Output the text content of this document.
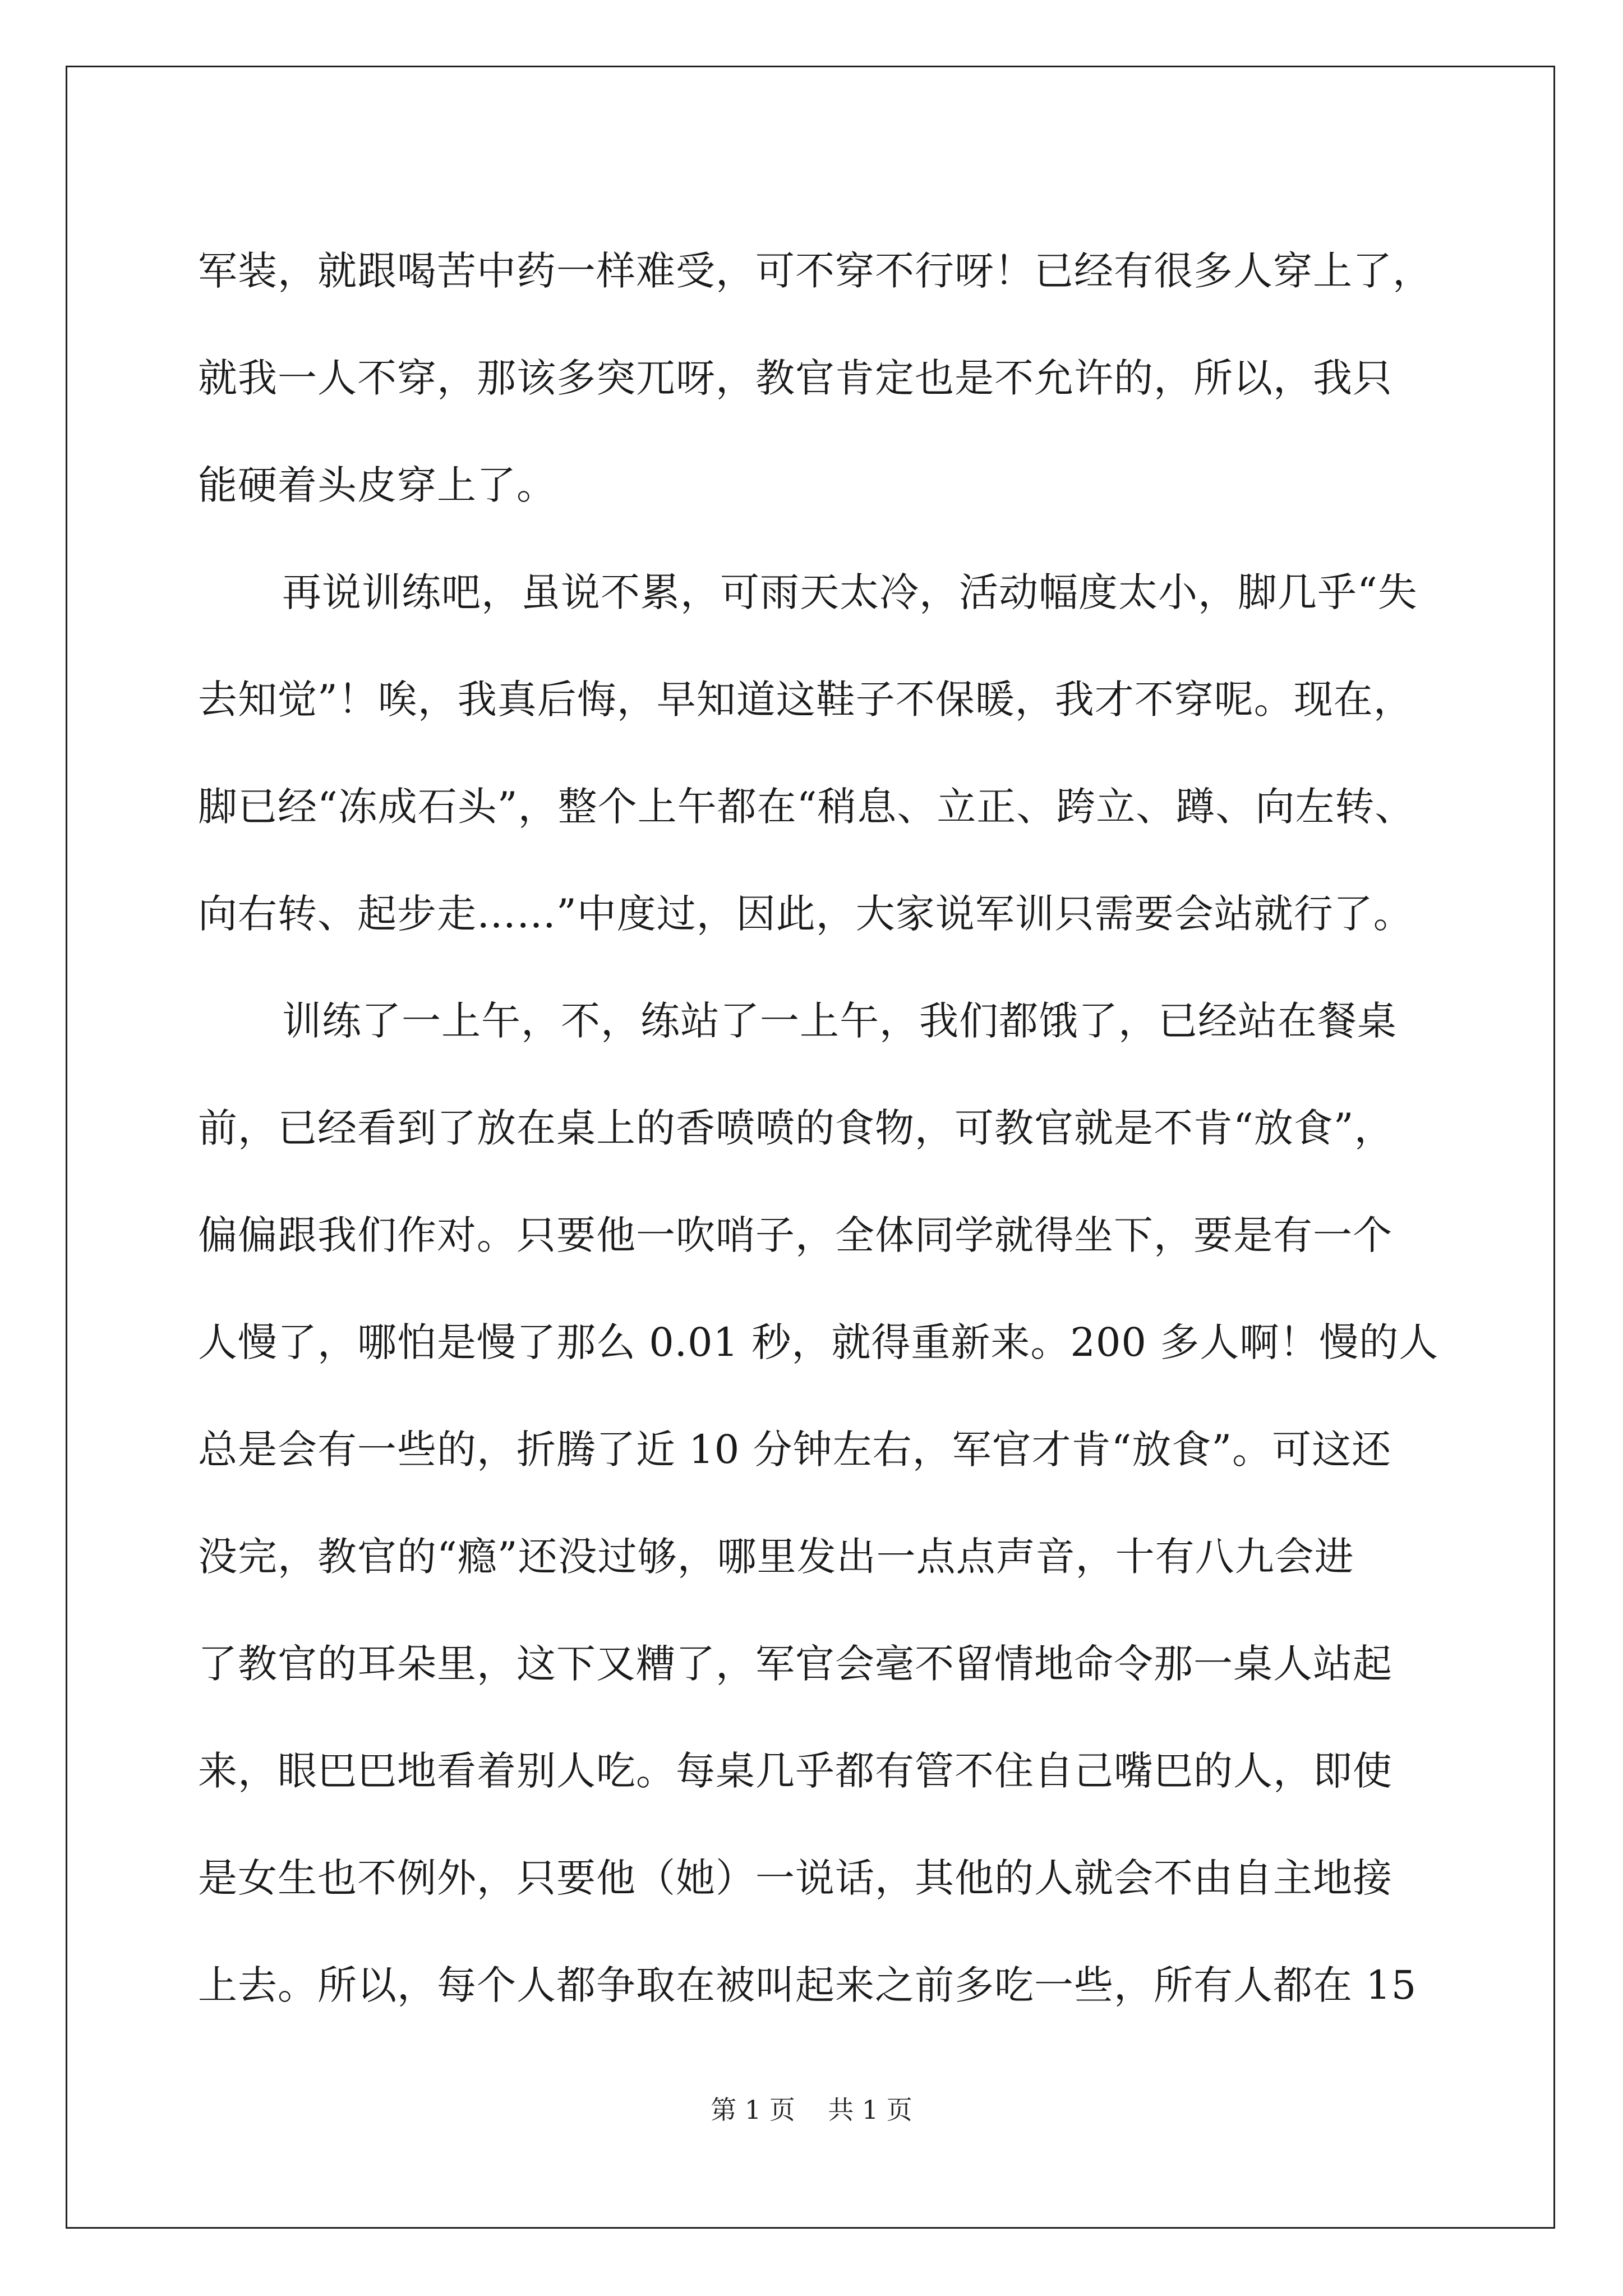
军装，就跟喝苦中药一样难受，可不穿不行呀！已经有很多人穿上了，
就我一人不穿，那该多突兀呀，教官肯定也是不允许的，所以，我只
能硬着头皮穿上了。
再说训练吧，虽说不累，可雨天太冷，活动幅度太小，脚几乎“失
去知觉”！唉，我真后悔，早知道这鞋子不保暖，我才不穿呢。现在，
脚已经“冻成石头”，整个上午都在“稍息、立正、跨立、蹲、向左转、
向右转、起步走……”中度过，因此，大家说军训只需要会站就行了。
训练了一上午，不，练站了一上午，我们都饿了，已经站在餐桌
前，已经看到了放在桌上的香喷喷的食物，可教官就是不肯“放食”，
偏偏跟我们作对。只要他一吹哨子，全体同学就得坐下，要是有一个
人慢了，哪怕是慢了那么 0.01 秒，就得重新来。200 多人啊！慢的人
总是会有一些的，折腾了近 10 分钟左右，军官才肯“放食”。可这还
没完，教官的“瘾”还没过够，哪里发出一点点声音，十有八九会进
了教官的耳朵里，这下又糟了，军官会毫不留情地命令那一桌人站起
来，眼巴巴地看着别人吃。每桌几乎都有管不住自己嘴巴的人，即使
是女生也不例外，只要他（她）一说话，其他的人就会不由自主地接
上去。所以，每个人都争取在被叫起来之前多吃一些，所有人都在 15
第 1 页    共 1 页
